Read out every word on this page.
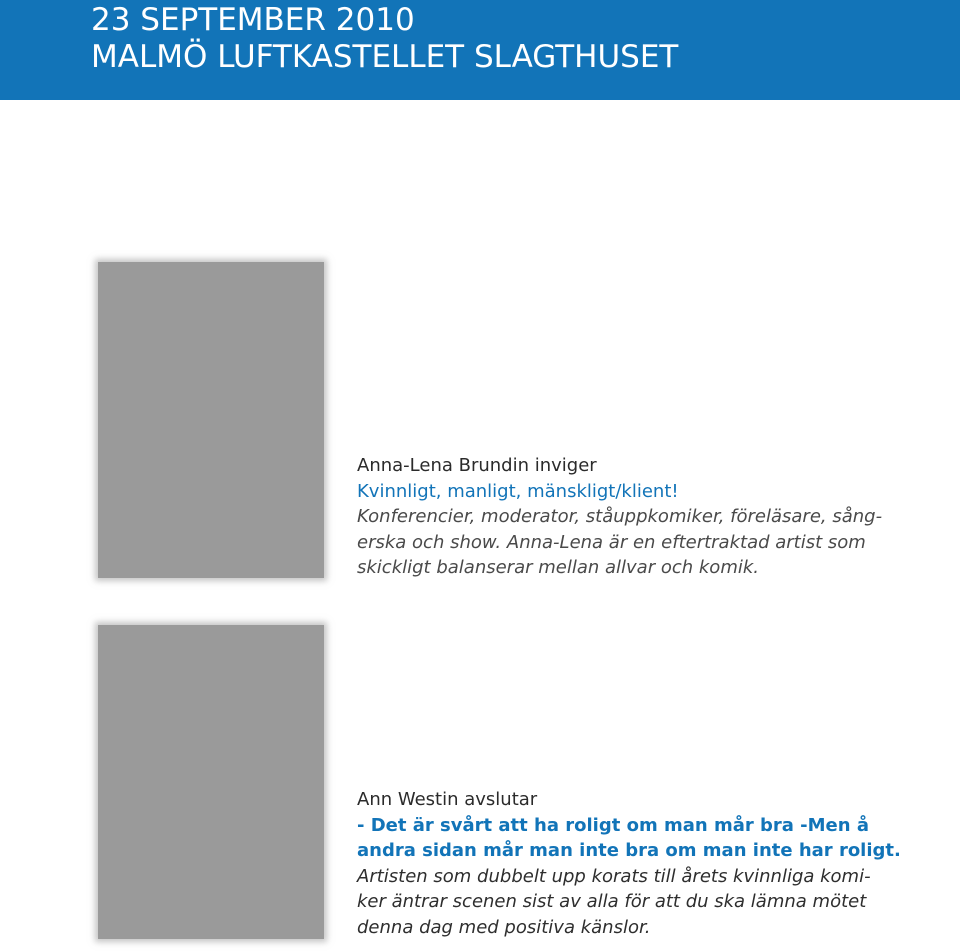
23 SEPTEMBER 2010
MALMÖ LUFTKASTELLET SLAGTHUSET
Anna-Lena Brundin inviger
Kvinnligt, manligt, mänskligt/klient!
Konferencier, moderator, ståuppkomiker, föreläsare, sång-
erska och show. Anna-Lena är en eftertraktad artist som
skickligt balanserar mellan allvar och komik.
Ann Westin avslutar
- Det är svårt att ha roligt om man mår bra -Men å
andra sidan mår man inte bra om man inte har roligt.
Artisten som dubbelt upp korats till årets kvinnliga komi-
ker äntrar scenen sist av alla för att du ska lämna mötet
denna dag med positiva känslor.
